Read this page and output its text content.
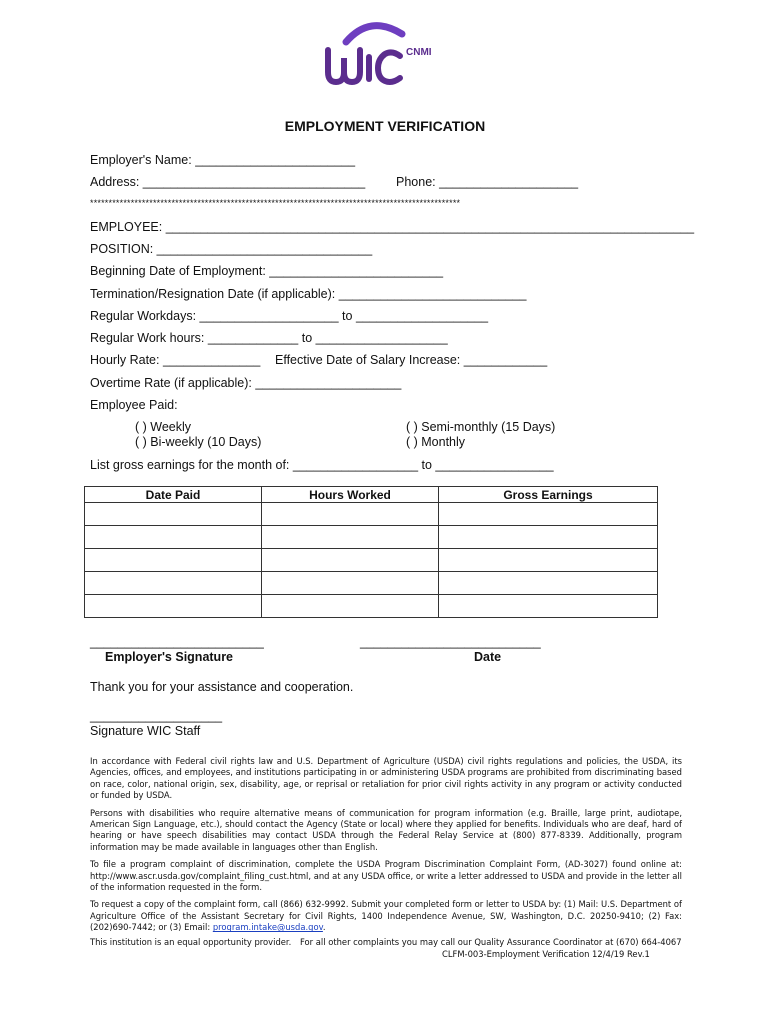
CNMI
EMPLOYMENT VERIFICATION
Employer's Name: _______________________
Address: ________________________________ Phone: ____________________
****************************************************************************************************
EMPLOYEE: ____________________________________________________________________________
POSITION: _______________________________
Beginning Date of Employment: _________________________
Termination/Resignation Date (if applicable): ___________________________
Regular Workdays: ____________________ to ___________________
Regular Work hours: _____________ to ___________________
Hourly Rate: ______________ Effective Date of Salary Increase: ____________
Overtime Rate (if applicable): _____________________
Employee Paid:
( ) Weekly
( ) Bi-weekly (10 Days)
( ) Semi-monthly (15 Days)
( ) Monthly
List gross earnings for the month of: __________________ to _________________
Date Paid	Hours Worked	Gross Earnings

_________________________	__________________________
Employer's Signature	Date
Thank you for your assistance and cooperation.
___________________
Signature WIC Staff

In accordance with Federal civil rights law and U.S. Department of Agriculture (USDA) civil rights regulations and policies, the USDA, its Agencies, offices, and employees, and institutions participating in or administering USDA programs are prohibited from discriminating based on race, color, national origin, sex, disability, age, or reprisal or retaliation for prior civil rights activity in any program or activity conducted or funded by USDA.

Persons with disabilities who require alternative means of communication for program information (e.g. Braille, large print, audiotape, American Sign Language, etc.), should contact the Agency (State or local) where they applied for benefits. Individuals who are deaf, hard of hearing or have speech disabilities may contact USDA through the Federal Relay Service at (800) 877-8339. Additionally, program information may be made available in languages other than English.

To file a program complaint of discrimination, complete the USDA Program Discrimination Complaint Form, (AD-3027) found online at: http://www.ascr.usda.gov/complaint_filing_cust.html, and at any USDA office, or write a letter addressed to USDA and provide in the letter all of the information requested in the form.

To request a copy of the complaint form, call (866) 632-9992. Submit your completed form or letter to USDA by: (1) Mail: U.S. Department of Agriculture Office of the Assistant Secretary for Civil Rights, 1400 Independence Avenue, SW, Washington, D.C. 20250-9410; (2) Fax: (202)690-7442; or (3) Email: program.intake@usda.gov.

This institution is an equal opportunity provider. For all other complaints you may call our Quality Assurance Coordinator at (670) 664-4067
CLFM-003-Employment Verification 12/4/19 Rev.1
